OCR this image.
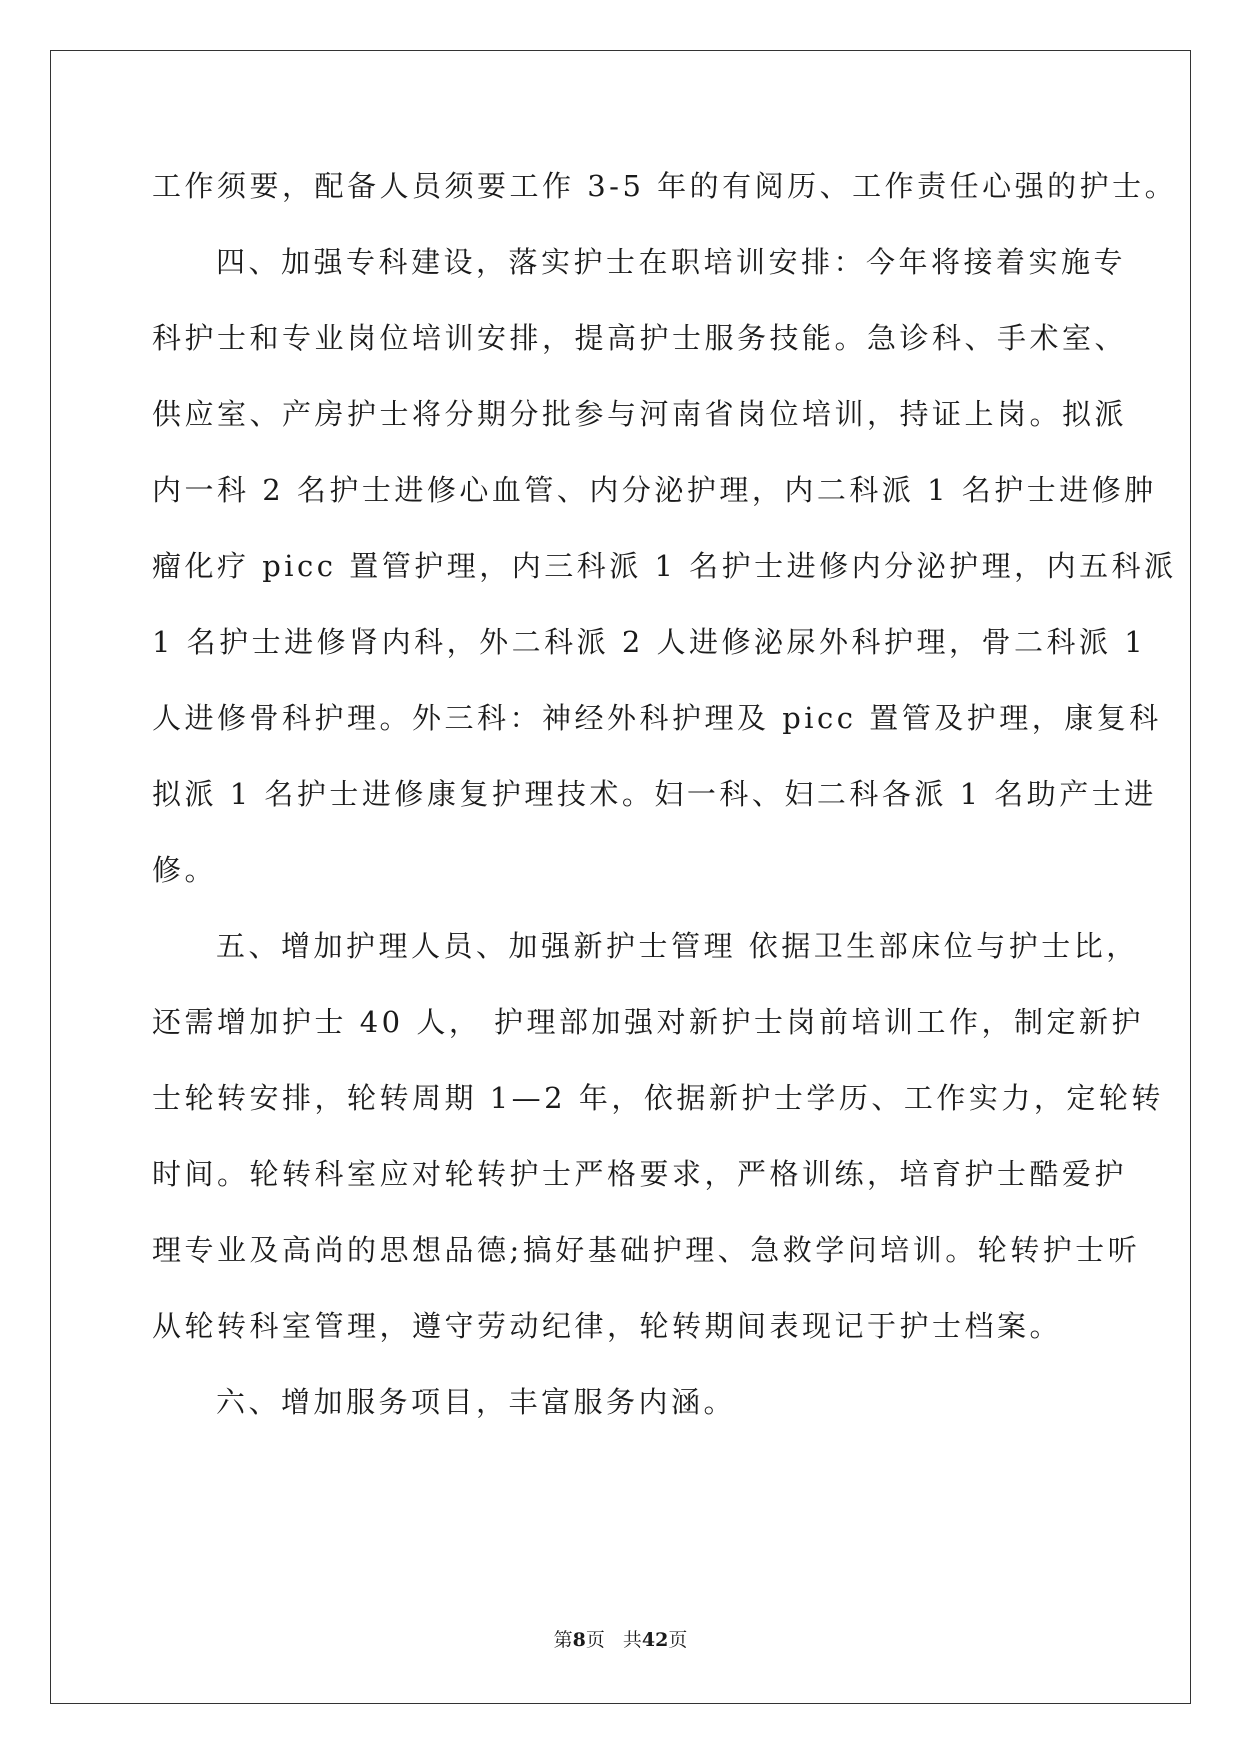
工作须要，配备人员须要工作 3-5 年的有阅历、工作责任心强的护士。
四、加强专科建设，落实护士在职培训安排：今年将接着实施专
科护士和专业岗位培训安排，提高护士服务技能。急诊科、手术室、
供应室、产房护士将分期分批参与河南省岗位培训，持证上岗。拟派
内一科 2 名护士进修心血管、内分泌护理，内二科派 1 名护士进修肿
瘤化疗 picc 置管护理，内三科派 1 名护士进修内分泌护理，内五科派
1 名护士进修肾内科，外二科派 2 人进修泌尿外科护理，骨二科派 1
人进修骨科护理。外三科：神经外科护理及 picc 置管及护理，康复科
拟派 1 名护士进修康复护理技术。妇一科、妇二科各派 1 名助产士进
修。
五、增加护理人员、加强新护士管理 依据卫生部床位与护士比，
还需增加护士 40 人， 护理部加强对新护士岗前培训工作，制定新护
士轮转安排，轮转周期 1—2 年，依据新护士学历、工作实力，定轮转
时间。轮转科室应对轮转护士严格要求，严格训练，培育护士酷爱护
理专业及高尚的思想品德;搞好基础护理、急救学问培训。轮转护士听
从轮转科室管理，遵守劳动纪律，轮转期间表现记于护士档案。
六、增加服务项目，丰富服务内涵。
第8页 共42页
